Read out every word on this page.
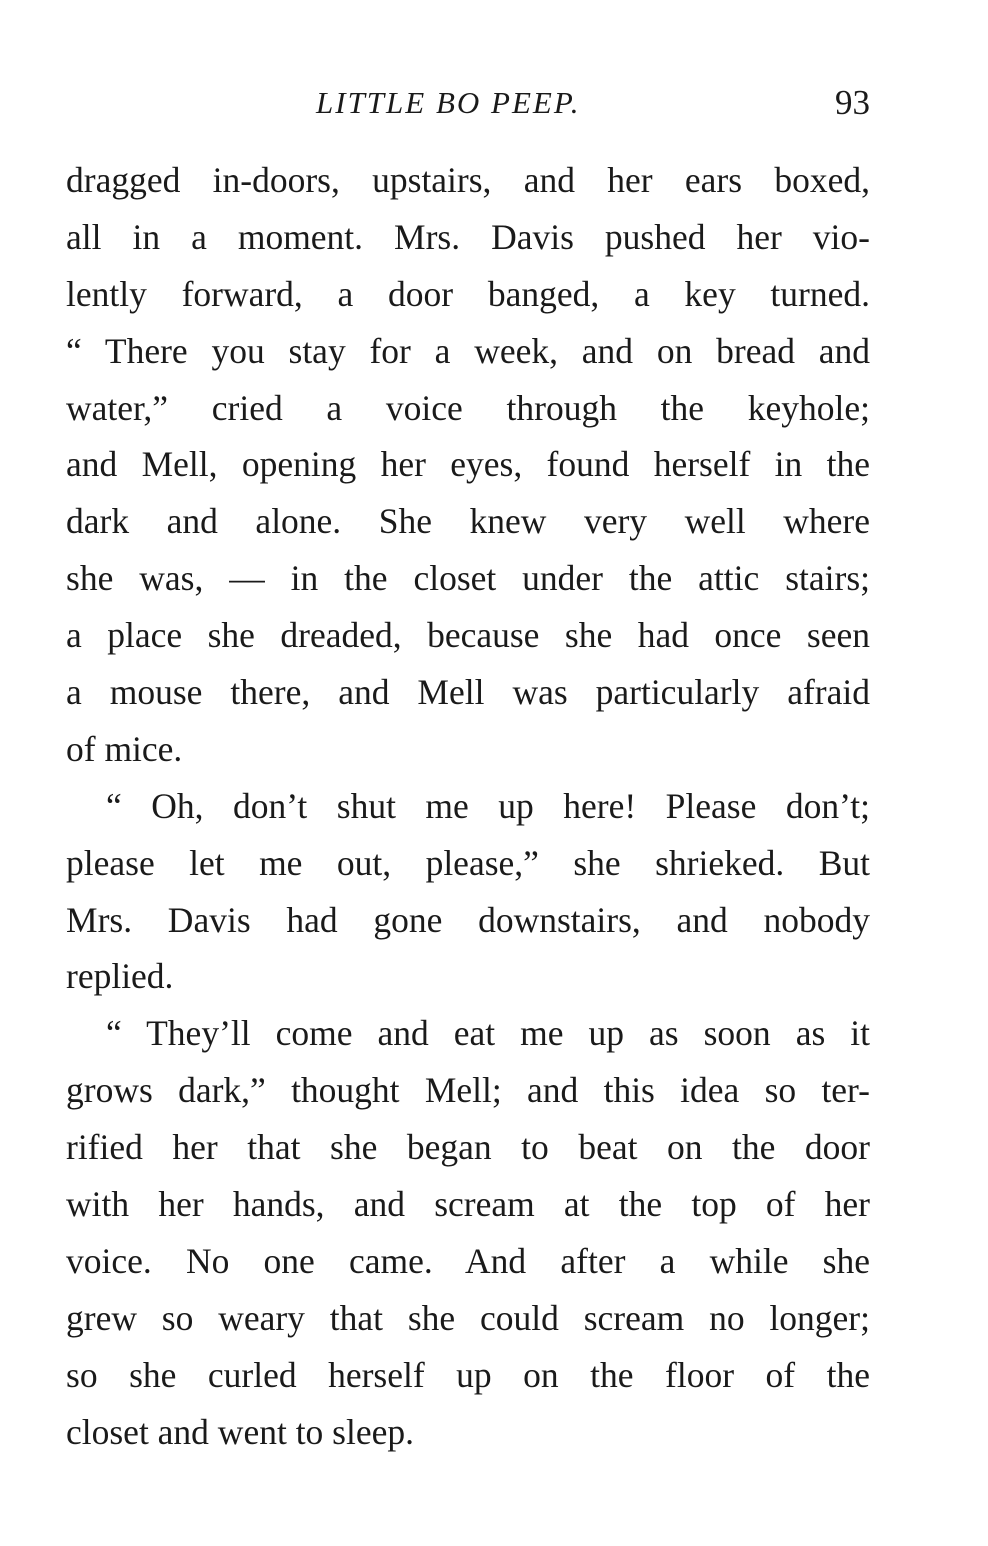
LITTLE BO PEEP.	93
dragged in-doors, upstairs, and her ears boxed,
all in a moment. Mrs. Davis pushed her vio-
lently forward, a door banged, a key turned.
“ There you stay for a week, and on bread and
water,” cried a voice through the keyhole;
and Mell, opening her eyes, found herself in the
dark and alone. She knew very well where
she was, — in the closet under the attic stairs;
a place she dreaded, because she had once seen
a mouse there, and Mell was particularly afraid
of mice.
“ Oh, don’t shut me up here! Please don’t;
please let me out, please,” she shrieked. But
Mrs. Davis had gone downstairs, and nobody
replied.
“ They’ll come and eat me up as soon as it
grows dark,” thought Mell; and this idea so ter-
rified her that she began to beat on the door
with her hands, and scream at the top of her
voice. No one came. And after a while she
grew so weary that she could scream no longer;
so she curled herself up on the floor of the
closet and went to sleep.
